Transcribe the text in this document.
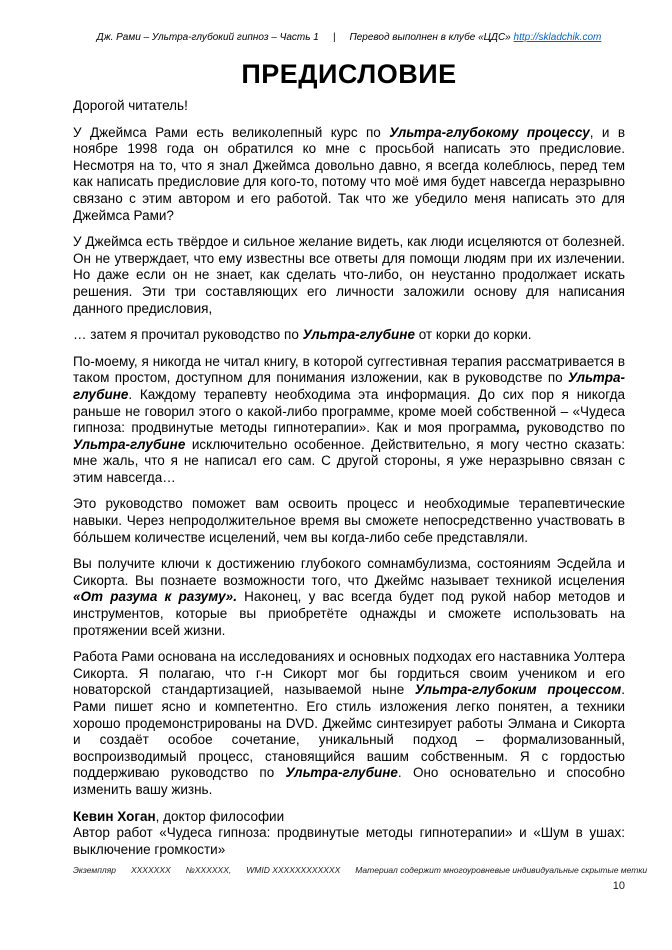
Дж. Рами – Ультра-глубокий гипноз – Часть 1 | Перевод выполнен в клубе «ЦДС» http://skladchik.com
ПРЕДИСЛОВИЕ

Дорогой читатель!

У Джеймса Рами есть великолепный курс по Ультра-глубокому процессу, и в ноябре 1998 года он обратился ко мне с просьбой написать это предисловие. Несмотря на то, что я знал Джеймса довольно давно, я всегда колеблюсь, перед тем как написать предисловие для кого-то, потому что моё имя будет навсегда неразрывно связано с этим автором и его работой. Так что же убедило меня написать это для Джеймса Рами?

У Джеймса есть твёрдое и сильное желание видеть, как люди исцеляются от болезней. Он не утверждает, что ему известны все ответы для помощи людям при их излечении. Но даже если он не знает, как сделать что-либо, он неустанно продолжает искать решения. Эти три составляющих его личности заложили основу для написания данного предисловия,

… затем я прочитал руководство по Ультра-глубине от корки до корки.

По-моему, я никогда не читал книгу, в которой суггестивная терапия рассматривается в таком простом, доступном для понимания изложении, как в руководстве по Ультра-глубине. Каждому терапевту необходима эта информация. До сих пор я никогда раньше не говорил этого о какой-либо программе, кроме моей собственной – «Чудеса гипноза: продвинутые методы гипнотерапии». Как и моя программа, руководство по Ультра-глубине исключительно особенное. Действительно, я могу честно сказать: мне жаль, что я не написал его сам. С другой стороны, я уже неразрывно связан с этим навсегда…

Это руководство поможет вам освоить процесс и необходимые терапевтические навыки. Через непродолжительное время вы сможете непосредственно участвовать в бо́льшем количестве исцелений, чем вы когда-либо себе представляли.

Вы получите ключи к достижению глубокого сомнамбулизма, состояниям Эсдейла и Сикорта. Вы познаете возможности того, что Джеймс называет техникой исцеления «От разума к разуму». Наконец, у вас всегда будет под рукой набор методов и инструментов, которые вы приобретёте однажды и сможете использовать на протяжении всей жизни.

Работа Рами основана на исследованиях и основных подходах его наставника Уолтера Сикорта. Я полагаю, что г-н Сикорт мог бы гордиться своим учеником и его новаторской стандартизацией, называемой ныне Ультра-глубоким процессом. Рами пишет ясно и компетентно. Его стиль изложения легко понятен, а техники хорошо продемонстрированы на DVD. Джеймс синтезирует работы Элмана и Сикорта и создаёт особое сочетание, уникальный подход – формализованный, воспроизводимый процесс, становящийся вашим собственным. Я с гордостью поддерживаю руководство по Ультра-глубине. Оно основательно и способно изменить вашу жизнь.

Кевин Хоган, доктор философии

Автор работ «Чудеса гипноза: продвинутые методы гипнотерапии» и «Шум в ушах: выключение громкости»

Экземпляр XXXXXXX №XXXXXX, WMID XXXXXXXXXXXX Материал содержит многоуровневые индивидуальные скрытые метки
10
